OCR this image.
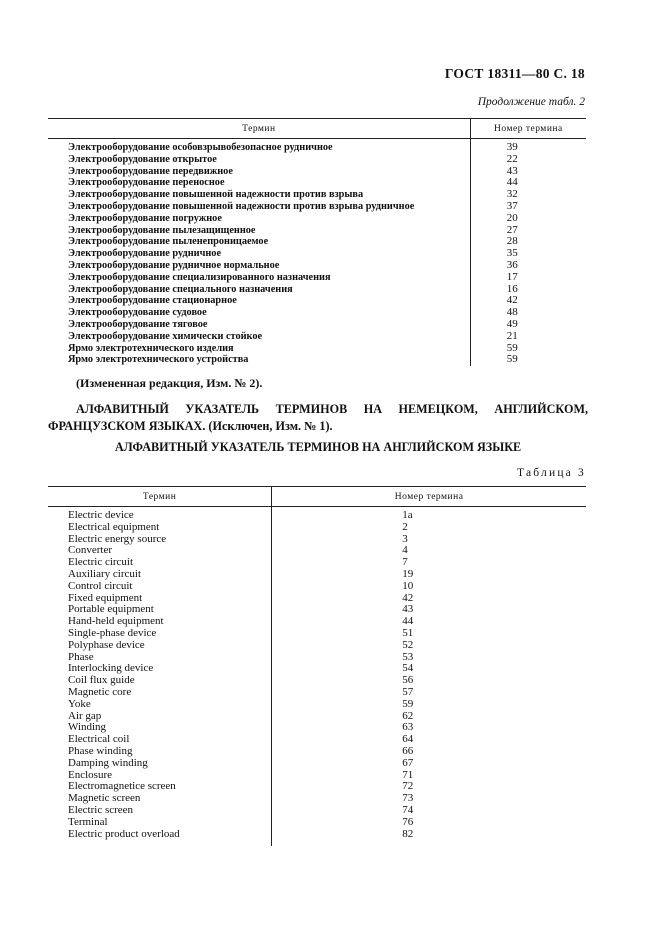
ГОСТ 18311—80 С. 18
Продолжение табл. 2
Термин	Номер термина
Электрооборудование особовзрывобезопасное рудничное	39
Электрооборудование открытое	22
Электрооборудование передвижное	43
Электрооборудование переносное	44
Электрооборудование повышенной надежности против взрыва	32
Электрооборудование повышенной надежности против взрыва рудничное	37
Электрооборудование погружное	20
Электрооборудование пылезащищенное	27
Электрооборудование пыленепроницаемое	28
Электрооборудование рудничное	35
Электрооборудование рудничное нормальное	36
Электрооборудование специализированного назначения	17
Электрооборудование специального назначения	16
Электрооборудование стационарное	42
Электрооборудование судовое	48
Электрооборудование тяговое	49
Электрооборудование химически стойкое	21
Ярмо электротехнического изделия	59
Ярмо электротехнического устройства	59
(Измененная редакция, Изм. № 2).
АЛФАВИТНЫЙ УКАЗАТЕЛЬ ТЕРМИНОВ НА НЕМЕЦКОМ, АНГЛИЙСКОМ, ФРАНЦУЗСКОМ ЯЗЫКАХ. (Исключен, Изм. № 1).
АЛФАВИТНЫЙ УКАЗАТЕЛЬ ТЕРМИНОВ НА АНГЛИЙСКОМ ЯЗЫКЕ
Таблица 3
Термин	Номер термина
Electric device	1a
Electrical equipment	2
Electric energy source	3
Converter	4
Electric circuit	7
Auxiliary circuit	19
Control circuit	10
Fixed equipment	42
Portable equipment	43
Hand-held equipment	44
Single-phase device	51
Polyphase device	52
Phase	53
Interlocking device	54
Coil flux guide	56
Magnetic core	57
Yoke	59
Air gap	62
Winding	63
Electrical coil	64
Phase winding	66
Damping winding	67
Enclosure	71
Electromagnetice screen	72
Magnetic screen	73
Electric screen	74
Terminal	76
Electric product overload	82
